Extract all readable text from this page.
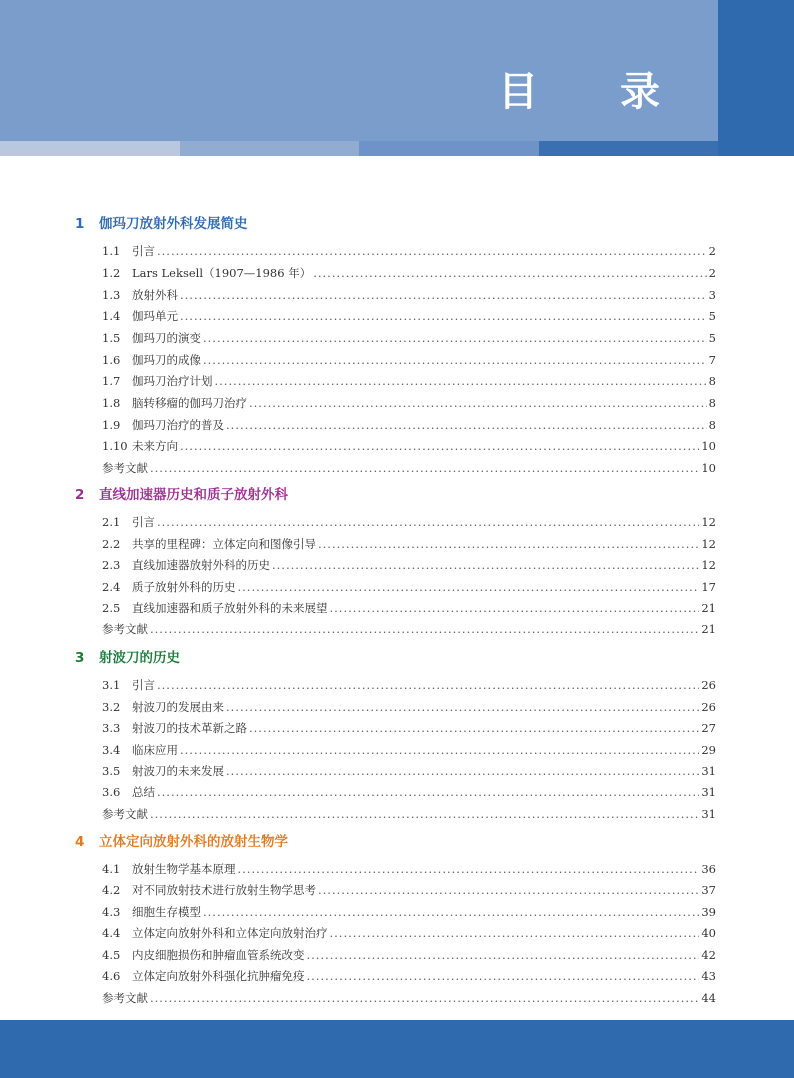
目 录
1 伽玛刀放射外科发展简史
1.1	引言 .....	2
1.2	Lars Leksell（1907—1986 年） .....	2
1.3	放射外科 .....	3
1.4	伽玛单元 .....	5
1.5	伽玛刀的演变 .....	5
1.6	伽玛刀的成像 .....	7
1.7	伽玛刀治疗计划 .....	8
1.8	脑转移瘤的伽玛刀治疗 .....	8
1.9	伽玛刀治疗的普及 .....	8
1.10 未来方向 .....	10
参考文献 .....	10
2 直线加速器历史和质子放射外科
2.1	引言 .....	12
2.2	共享的里程碑：立体定向和图像引导 .....	12
2.3	直线加速器放射外科的历史 .....	12
2.4	质子放射外科的历史 .....	17
2.5	直线加速器和质子放射外科的未来展望 .....	21
参考文献 .....	21
3 射波刀的历史
3.1	引言 .....	26
3.2	射波刀的发展由来 .....	26
3.3	射波刀的技术革新之路 .....	27
3.4	临床应用 .....	29
3.5	射波刀的未来发展 .....	31
3.6	总结 .....	31
参考文献 .....	31
4 立体定向放射外科的放射生物学
4.1	放射生物学基本原理 .....	36
4.2	对不同放射技术进行放射生物学思考 .....	37
4.3	细胞生存模型 .....	39
4.4	立体定向放射外科和立体定向放射治疗 .....	40
4.5	内皮细胞损伤和肿瘤血管系统改变 .....	42
4.6	立体定向放射外科强化抗肿瘤免疫 .....	43
参考文献 .....	44
